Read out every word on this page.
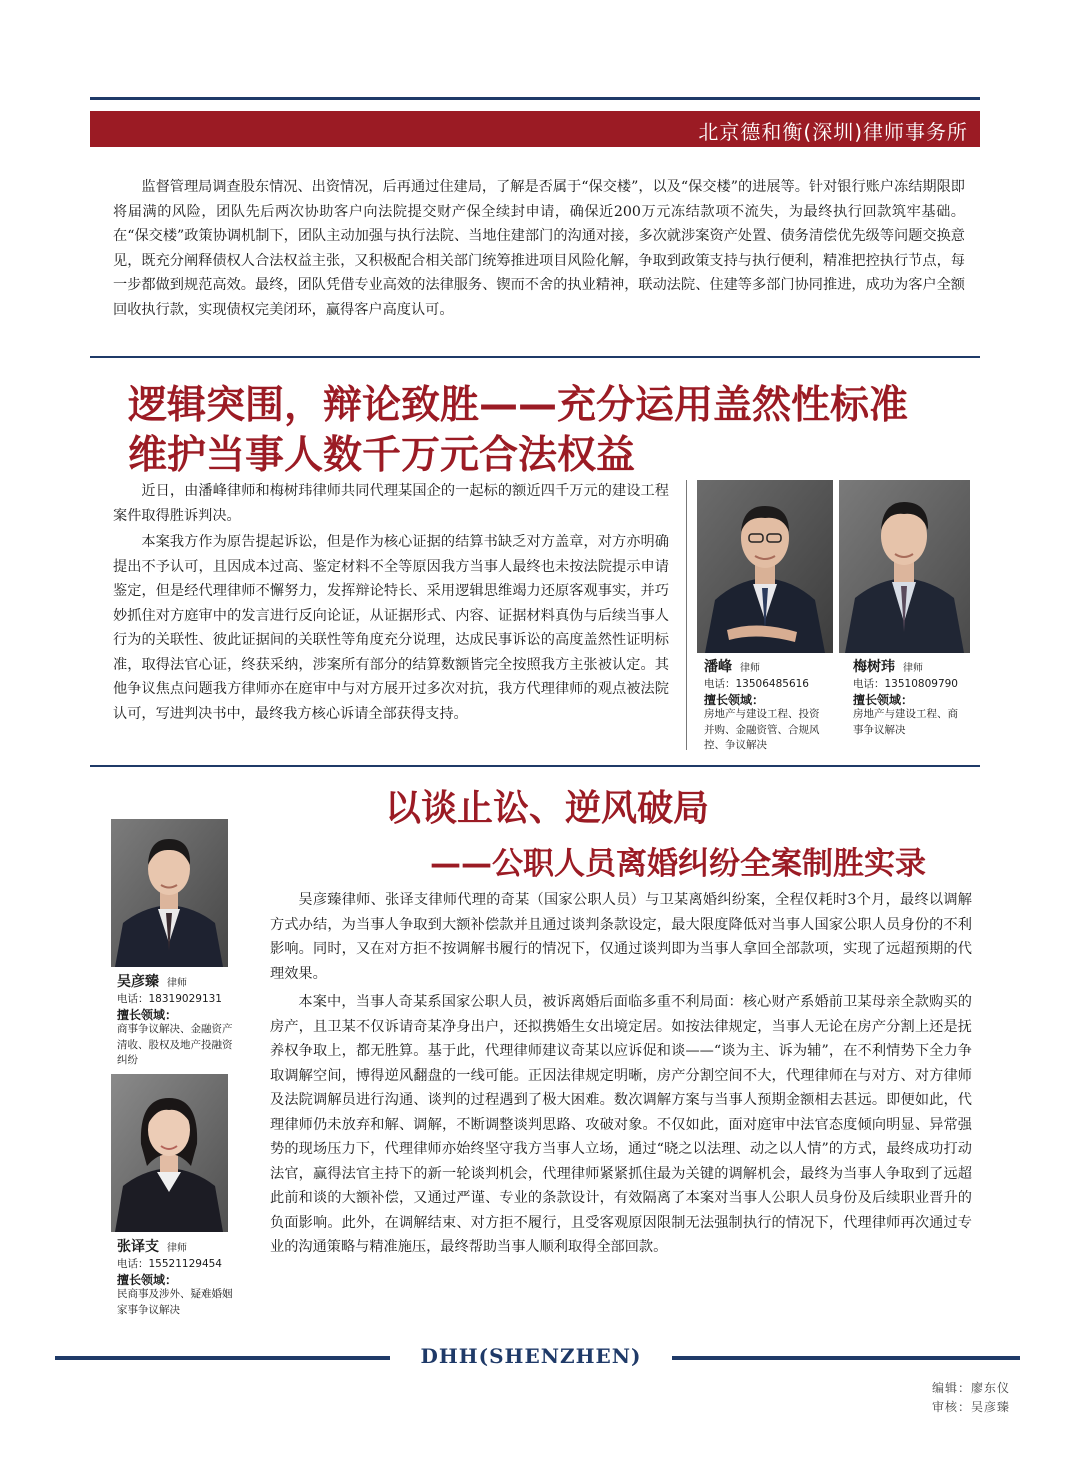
北京德和衡(深圳)律师事务所

监督管理局调查股东情况、出资情况，后再通过住建局，了解是否属于“保交楼”，以及“保交楼”的进展等。针对银行账户冻结期限即将届满的风险，团队先后两次协助客户向法院提交财产保全续封申请，确保近200万元冻结款项不流失，为最终执行回款筑牢基础。在“保交楼”政策协调机制下，团队主动加强与执行法院、当地住建部门的沟通对接，多次就涉案资产处置、债务清偿优先级等问题交换意见，既充分阐释债权人合法权益主张，又积极配合相关部门统筹推进项目风险化解，争取到政策支持与执行便利，精准把控执行节点，每一步都做到规范高效。最终，团队凭借专业高效的法律服务、锲而不舍的执业精神，联动法院、住建等多部门协同推进，成功为客户全额回收执行款，实现债权完美闭环，赢得客户高度认可。

逻辑突围，辩论致胜——充分运用盖然性标准
维护当事人数千万元合法权益

近日，由潘峰律师和梅树玮律师共同代理某国企的一起标的额近四千万元的建设工程案件取得胜诉判决。

本案我方作为原告提起诉讼，但是作为核心证据的结算书缺乏对方盖章，对方亦明确提出不予认可，且因成本过高、鉴定材料不全等原因我方当事人最终也未按法院提示申请鉴定，但是经代理律师不懈努力，发挥辩论特长、采用逻辑思维竭力还原客观事实，并巧妙抓住对方庭审中的发言进行反向论证，从证据形式、内容、证据材料真伪与后续当事人行为的关联性、彼此证据间的关联性等角度充分说理，达成民事诉讼的高度盖然性证明标准，取得法官心证，终获采纳，涉案所有部分的结算数额皆完全按照我方主张被认定。其他争议焦点问题我方律师亦在庭审中与对方展开过多次对抗，我方代理律师的观点被法院认可，写进判决书中，最终我方核心诉请全部获得支持。

潘峰 律师
电话：13506485616
擅长领域：

房地产与建设工程、投资并购、金融资管、合规风控、争议解决

梅树玮 律师
电话：13510809790
擅长领域：

房地产与建设工程、商事争议解决

以谈止讼、逆风破局
——公职人员离婚纠纷全案制胜实录

吴彦臻律师、张译支律师代理的奇某（国家公职人员）与卫某离婚纠纷案，全程仅耗时3个月，最终以调解方式办结，为当事人争取到大额补偿款并且通过谈判条款设定，最大限度降低对当事人国家公职人员身份的不利影响。同时，又在对方拒不按调解书履行的情况下，仅通过谈判即为当事人拿回全部款项，实现了远超预期的代理效果。

本案中，当事人奇某系国家公职人员，被诉离婚后面临多重不利局面：核心财产系婚前卫某母亲全款购买的房产，且卫某不仅诉请奇某净身出户，还拟携婚生女出境定居。如按法律规定，当事人无论在房产分割上还是抚养权争取上，都无胜算。基于此，代理律师建议奇某以应诉促和谈——“谈为主、诉为辅”，在不利情势下全力争取调解空间，博得逆风翻盘的一线可能。正因法律规定明晰，房产分割空间不大，代理律师在与对方、对方律师及法院调解员进行沟通、谈判的过程遇到了极大困难。数次调解方案与当事人预期金额相去甚远。即便如此，代理律师仍未放弃和解、调解，不断调整谈判思路、攻破对象。不仅如此，面对庭审中法官态度倾向明显、异常强势的现场压力下，代理律师亦始终坚守我方当事人立场，通过“晓之以法理、动之以人情”的方式，最终成功打动法官，赢得法官主持下的新一轮谈判机会，代理律师紧紧抓住最为关键的调解机会，最终为当事人争取到了远超此前和谈的大额补偿，又通过严谨、专业的条款设计，有效隔离了本案对当事人公职人员身份及后续职业晋升的负面影响。此外，在调解结束、对方拒不履行，且受客观原因限制无法强制执行的情况下，代理律师再次通过专业的沟通策略与精准施压，最终帮助当事人顺利取得全部回款。

吴彦臻 律师
电话：18319029131
擅长领域：

商事争议解决、金融资产清收、股权及地产投融资纠纷

张译支 律师
电话：15521129454
擅长领域：

民商事及涉外、疑难婚姻家事争议解决

DHH(SHENZHEN)
编辑：廖东仪
审核：吴彦臻
